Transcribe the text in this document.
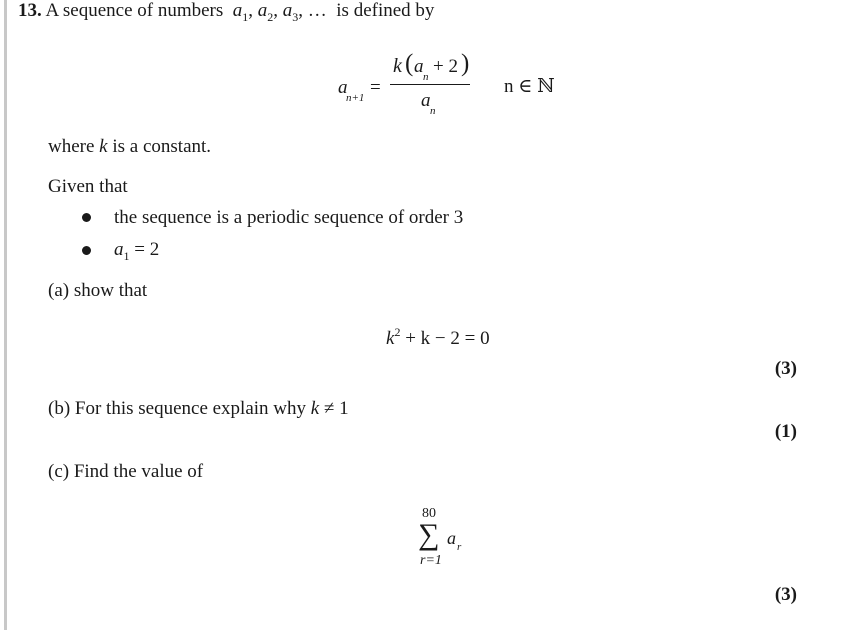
13. A sequence of numbers $a_1$, $a_2$, $a_3$, … is defined by
a
n+1 =
k ( a n + 2 )
a n
n ∈ ℕ
where k is a constant.
Given that
the sequence is a periodic sequence of order 3
$a_1 = 2$
(a) show that
$k^2 + k - 2 = 0$
(3)
(b) For this sequence explain why k ≠ 1
(1)
(c) Find the value of
80
∑ a r
r=1
(3)
